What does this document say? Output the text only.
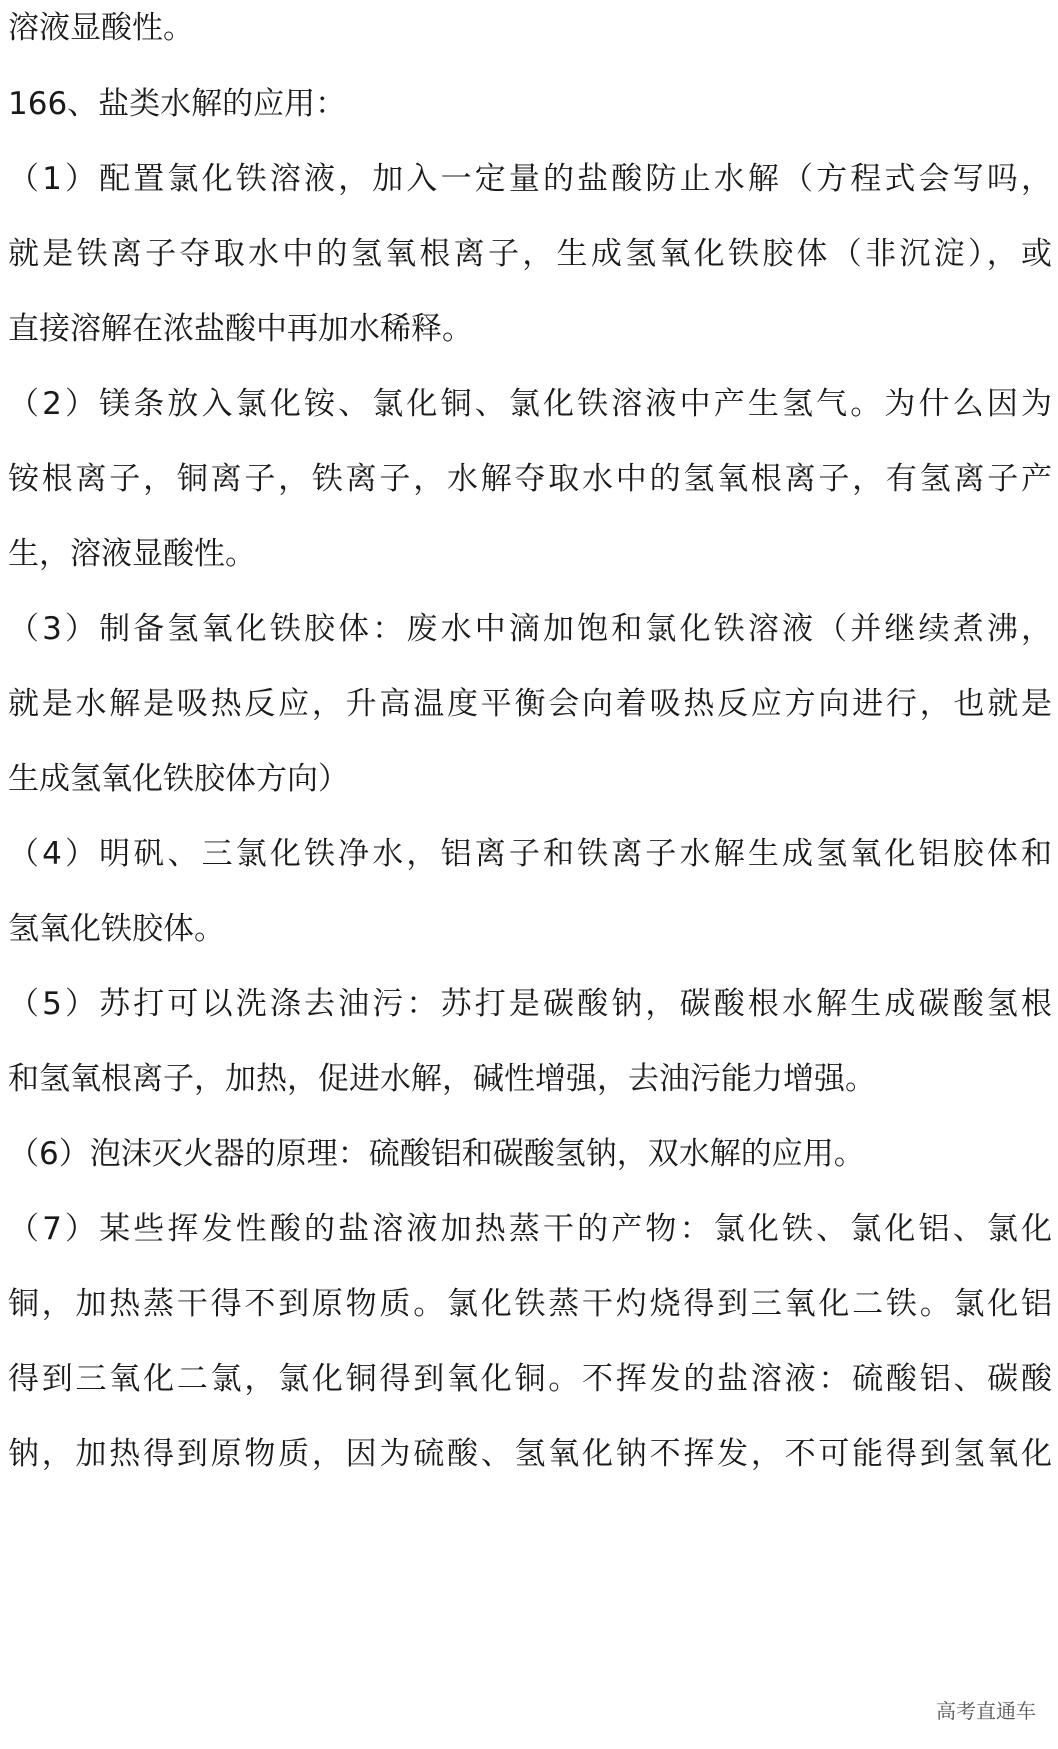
溶液显酸性。
166、盐类水解的应用：
（1）配置氯化铁溶液，加入一定量的盐酸防止水解（方程式会写吗，
就是铁离子夺取水中的氢氧根离子，生成氢氧化铁胶体（非沉淀），或
直接溶解在浓盐酸中再加水稀释。
（2）镁条放入氯化铵、氯化铜、氯化铁溶液中产生氢气。为什么因为
铵根离子，铜离子，铁离子，水解夺取水中的氢氧根离子，有氢离子产
生，溶液显酸性。
（3）制备氢氧化铁胶体：废水中滴加饱和氯化铁溶液（并继续煮沸，
就是水解是吸热反应，升高温度平衡会向着吸热反应方向进行，也就是
生成氢氧化铁胶体方向）
（4）明矾、三氯化铁净水，铝离子和铁离子水解生成氢氧化铝胶体和
氢氧化铁胶体。
（5）苏打可以洗涤去油污：苏打是碳酸钠，碳酸根水解生成碳酸氢根
和氢氧根离子，加热，促进水解，碱性增强，去油污能力增强。
（6）泡沫灭火器的原理：硫酸铝和碳酸氢钠，双水解的应用。
（7）某些挥发性酸的盐溶液加热蒸干的产物：氯化铁、氯化铝、氯化
铜，加热蒸干得不到原物质。氯化铁蒸干灼烧得到三氧化二铁。氯化铝
得到三氧化二氯，氯化铜得到氧化铜。不挥发的盐溶液：硫酸铝、碳酸
钠，加热得到原物质，因为硫酸、氢氧化钠不挥发，不可能得到氢氧化
高考直通车
